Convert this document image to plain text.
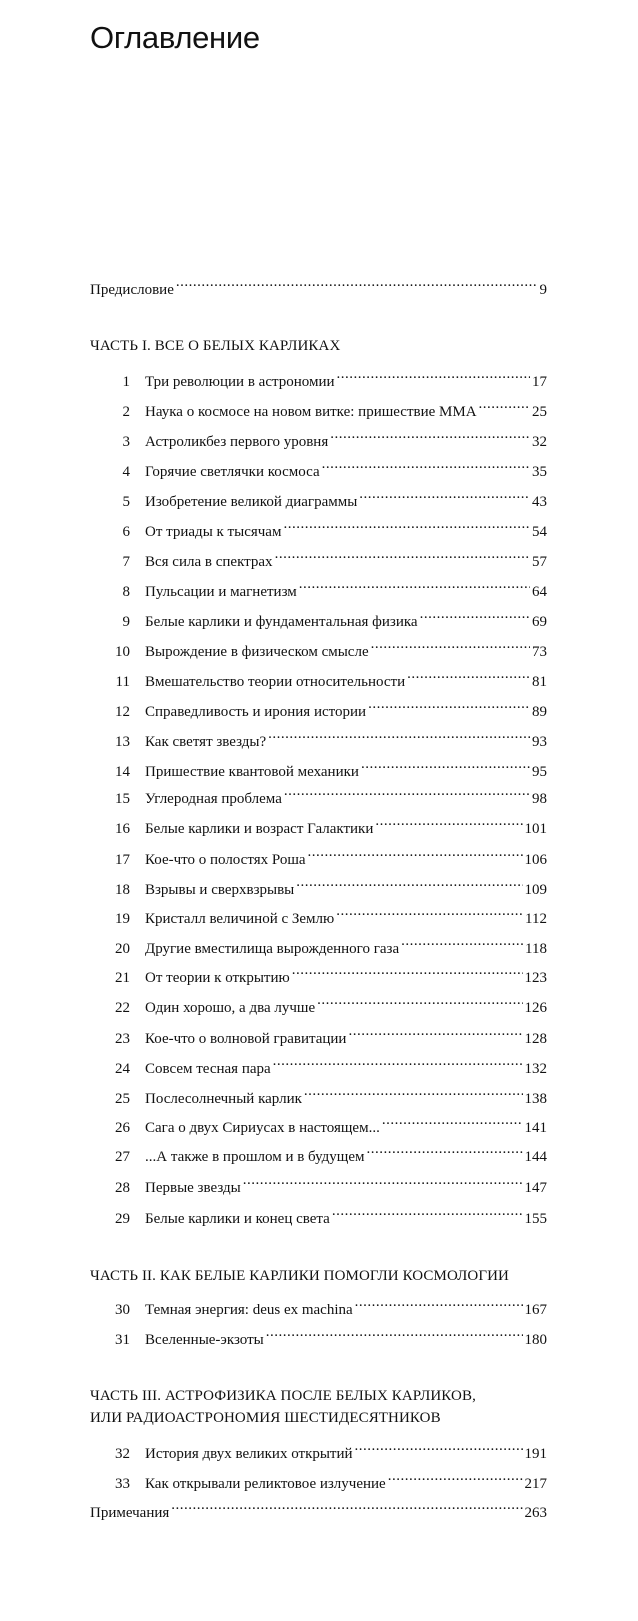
Оглавление
Предисловие .....	9
ЧАСТЬ I. ВСЕ О БЕЛЫХ КАРЛИКАХ
1	Три революции в астрономии .....	17
2	Наука о космосе на новом витке: пришествие ММА .....	25
3	Астроликбез первого уровня .....	32
4	Горячие светлячки космоса .....	35
5	Изобретение великой диаграммы .....	43
6	От триады к тысячам .....	54
7	Вся сила в спектрах .....	57
8	Пульсации и магнетизм .....	64
9	Белые карлики и фундаментальная физика .....	69
10	Вырождение в физическом смысле .....	73
11	Вмешательство теории относительности .....	81
12	Справедливость и ирония истории .....	89
13	Как светят звезды? .....	93
14	Пришествие квантовой механики .....	95
15	Углеродная проблема .....	98
16	Белые карлики и возраст Галактики .....	101
17	Кое-что о полостях Роша .....	106
18	Взрывы и сверхвзрывы .....	109
19	Кристалл величиной с Землю .....	112
20	Другие вместилища вырожденного газа .....	118
21	От теории к открытию .....	123
22	Один хорошо, а два лучше .....	126
23	Кое-что о волновой гравитации .....	128
24	Совсем тесная пара .....	132
25	Послесолнечный карлик .....	138
26	Сага о двух Сириусах в настоящем... .....	141
27	...А также в прошлом и в будущем .....	144
28	Первые звезды .....	147
29	Белые карлики и конец света .....	155
ЧАСТЬ II. КАК БЕЛЫЕ КАРЛИКИ ПОМОГЛИ КОСМОЛОГИИ
30	Темная энергия: deus ex machina .....	167
31	Вселенные-экзоты .....	180
ЧАСТЬ III. АСТРОФИЗИКА ПОСЛЕ БЕЛЫХ КАРЛИКОВ,
ИЛИ РАДИОАСТРОНОМИЯ ШЕСТИДЕСЯТНИКОВ
32	История двух великих открытий .....	191
33	Как открывали реликтовое излучение .....	217
Примечания .....	263
